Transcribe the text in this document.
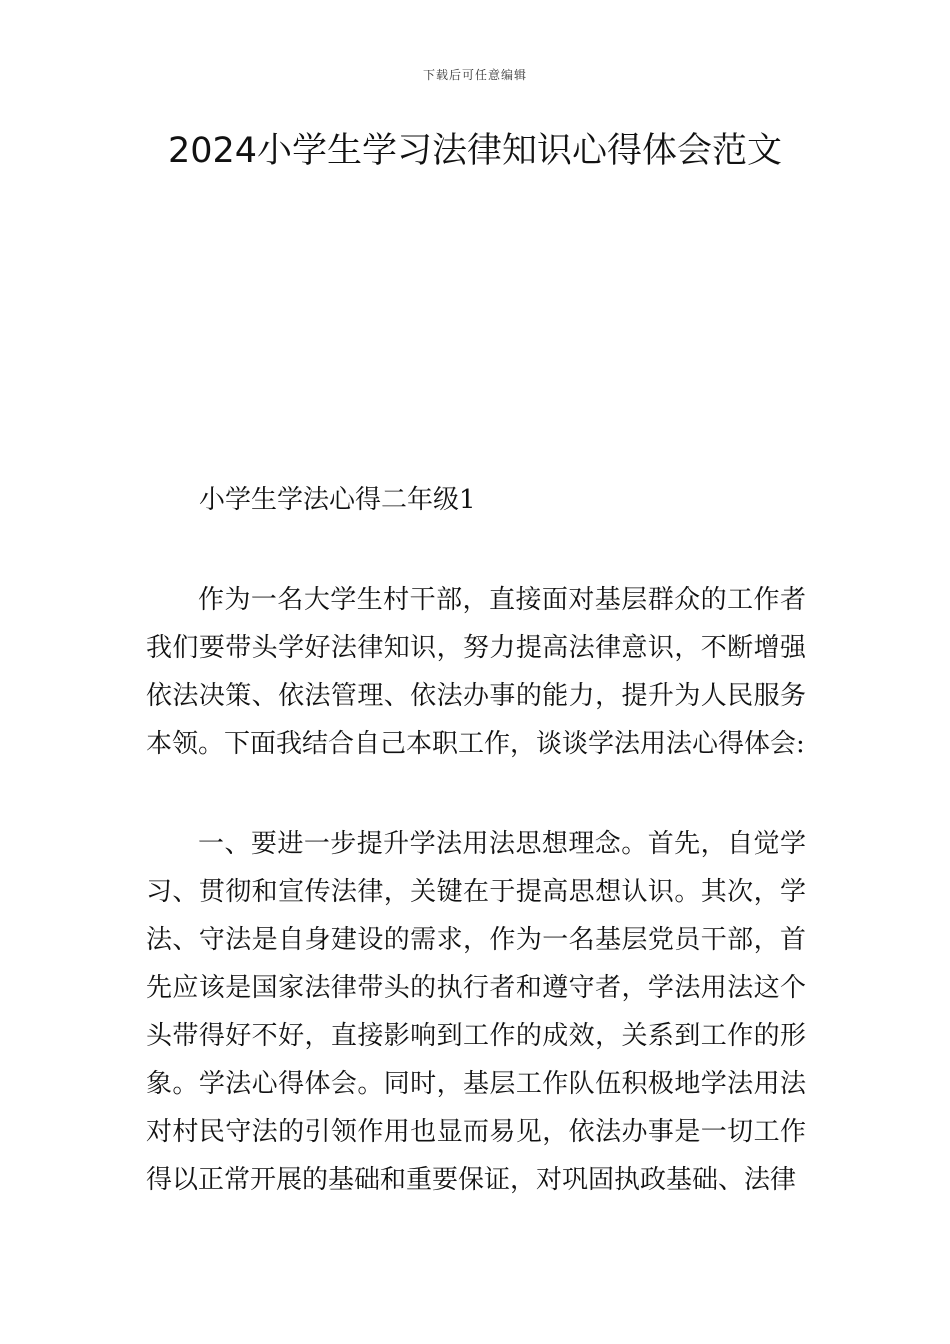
下载后可任意编辑
2024小学生学习法律知识心得体会范文
小学生学法心得二年级1

作为一名大学生村干部，直接面对基层群众的工作者我们要带头学好法律知识，努力提高法律意识，不断增强依法决策、依法管理、依法办事的能力，提升为人民服务本领。下面我结合自己本职工作，谈谈学法用法心得体会:

一、要进一步提升学法用法思想理念。首先，自觉学习、贯彻和宣传法律，关键在于提高思想认识。其次，学法、守法是自身建设的需求，作为一名基层党员干部，首先应该是国家法律带头的执行者和遵守者，学法用法这个头带得好不好，直接影响到工作的成效，关系到工作的形象。学法心得体会。同时，基层工作队伍积极地学法用法对村民守法的引领作用也显而易见，依法办事是一切工作得以正常开展的基础和重要保证，对巩固执政基础、法律
